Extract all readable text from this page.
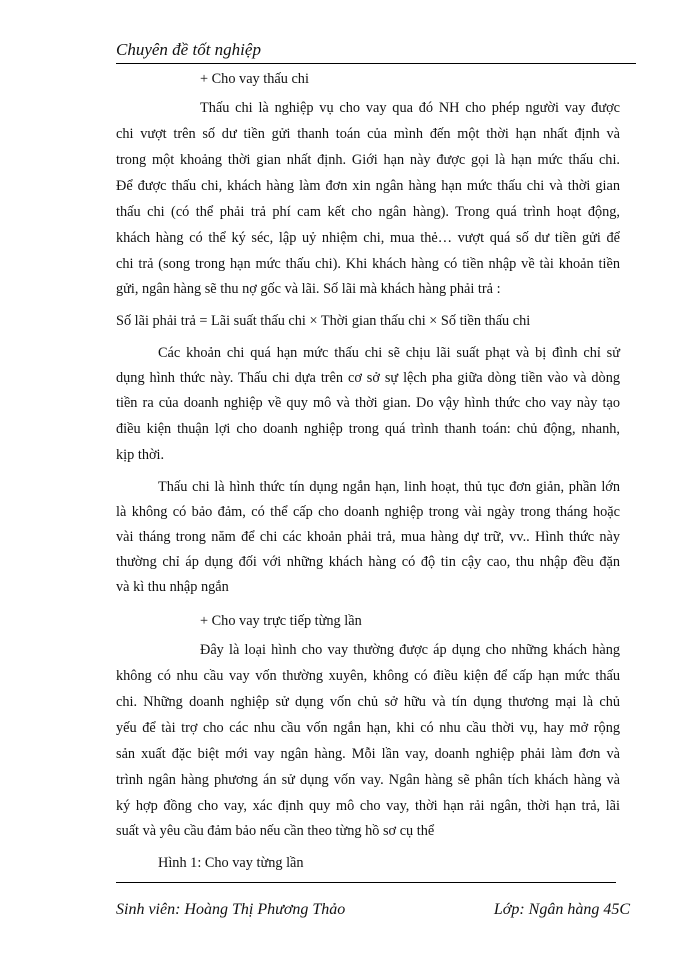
Chuyên đề tốt nghiệp
+ Cho vay thấu chi
Thấu chi là nghiệp vụ cho vay qua đó NH cho phép người vay được
chi vượt trên số dư tiền gửi thanh toán của mình đến một thời hạn nhất định và
trong một khoảng thời gian nhất định. Giới hạn này được gọi là hạn mức thấu chi.
Để được thấu chi, khách hàng làm đơn xin ngân hàng hạn mức thấu chi và thời gian
thấu chi (có thể phải trả phí cam kết cho ngân hàng). Trong quá trình hoạt động,
khách hàng có thể ký séc, lập uỷ nhiệm chi, mua thẻ… vượt quá số dư tiền gửi để
chi trả (song trong hạn mức thấu chi). Khi khách hàng có tiền nhập về tài khoản tiền
gửi, ngân hàng sẽ thu nợ gốc và lãi. Số lãi mà khách hàng phải trả :
Số lãi phải trả = Lãi suất thấu chi × Thời gian thấu chi × Số tiền thấu chi
Các khoản chi quá hạn mức thấu chi sẽ chịu lãi suất phạt và bị đình chỉ sử
dụng hình thức này. Thấu chi dựa trên cơ sở sự lệch pha giữa dòng tiền vào và dòng
tiền ra của doanh nghiệp về quy mô và thời gian. Do vậy hình thức cho vay này tạo
điều kiện thuận lợi cho doanh nghiệp trong quá trình thanh toán: chủ động, nhanh,
kịp thời.
Thấu chi là hình thức tín dụng ngắn hạn, linh hoạt, thủ tục đơn giản, phần lớn
là không có bảo đảm, có thể cấp cho doanh nghiệp trong vài ngày trong tháng hoặc
vài tháng trong năm để chi các khoản phải trả, mua hàng dự trữ, vv.. Hình thức này
thường chỉ áp dụng đối với những khách hàng có độ tin cậy cao, thu nhập đều đặn
và kì thu nhập ngắn
+ Cho vay trực tiếp từng lần
Đây là loại hình cho vay thường được áp dụng cho những khách hàng
không có nhu cầu vay vốn thường xuyên, không có điều kiện để cấp hạn mức thấu
chi. Những doanh nghiệp sử dụng vốn chủ sở hữu và tín dụng thương mại là chủ
yếu để tài trợ cho các nhu cầu vốn ngắn hạn, khi có nhu cầu thời vụ, hay mở rộng
sản xuất đặc biệt mới vay ngân hàng. Mỗi lần vay, doanh nghiệp phải làm đơn và
trình ngân hàng phương án sử dụng vốn vay. Ngân hàng sẽ phân tích khách hàng và
ký hợp đồng cho vay, xác định quy mô cho vay, thời hạn rải ngân, thời hạn trả, lãi
suất và yêu cầu đảm bảo nếu cần theo từng hồ sơ cụ thể
Hình 1: Cho vay từng lần
Sinh viên: Hoàng Thị Phương Thảo	Lớp: Ngân hàng 45C
